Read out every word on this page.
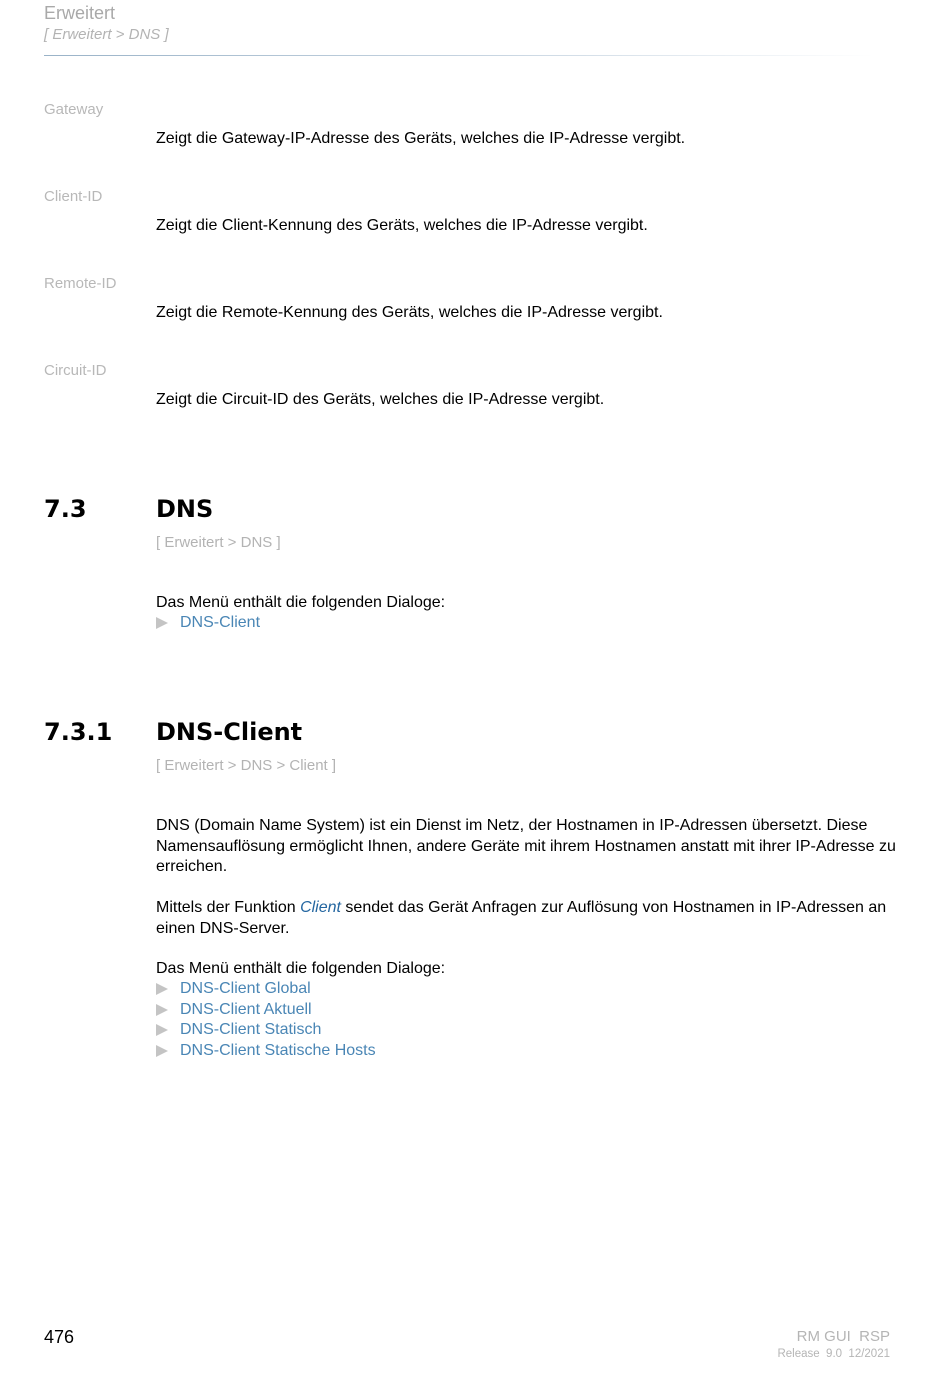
Erweitert
[ Erweitert > DNS ]
Gateway
Zeigt die Gateway-IP-Adresse des Geräts, welches die IP-Adresse vergibt.
Client-ID
Zeigt die Client-Kennung des Geräts, welches die IP-Adresse vergibt.
Remote-ID
Zeigt die Remote-Kennung des Geräts, welches die IP-Adresse vergibt.
Circuit-ID
Zeigt die Circuit-ID des Geräts, welches die IP-Adresse vergibt.
7.3	DNS
[ Erweitert > DNS ]
Das Menü enthält die folgenden Dialoge:
DNS-Client
7.3.1 DNS-Client
[ Erweitert > DNS > Client ]
DNS (Domain Name System) ist ein Dienst im Netz, der Hostnamen in IP-Adressen übersetzt. Diese Namensauflösung ermöglicht Ihnen, andere Geräte mit ihrem Hostnamen anstatt mit ihrer IP-Adresse zu erreichen.
Mittels der Funktion Client sendet das Gerät Anfragen zur Auflösung von Hostnamen in IP-Adressen an einen DNS-Server.
Das Menü enthält die folgenden Dialoge:
DNS-Client Global
DNS-Client Aktuell
DNS-Client Statisch
DNS-Client Statische Hosts
476	RM GUI  RSP
Release  9.0  12/2021
